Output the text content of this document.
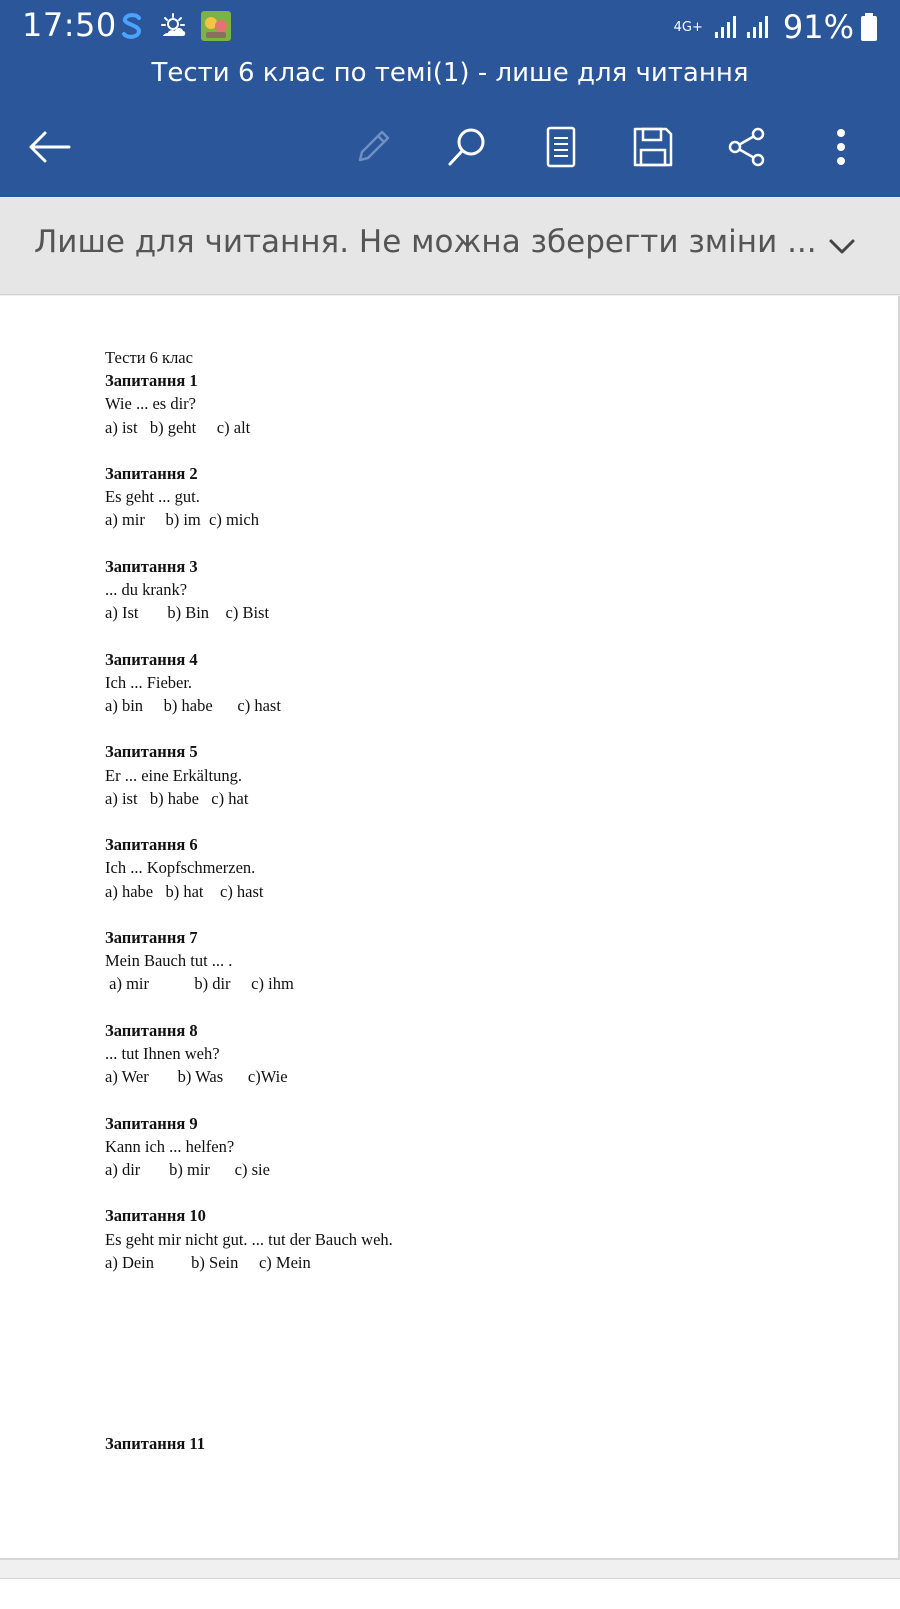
17:50	4G+	91%
Тести 6 клас по темі(1) - лише для читання
Лише для читання. Не можна зберегти зміни ...
Тести 6 клас
Запитання 1
Wie ... es dir?
a) ist   b) geht     c) alt
Запитання 2
Es geht ... gut.
a) mir     b) im  c) mich
Запитання 3
... du krank?
a) Ist       b) Bin    c) Bist
Запитання 4
Ich ... Fieber.
a) bin     b) habe      c) hast
Запитання 5
Er ... eine Erkältung.
a) ist   b) habe   c) hat
Запитання 6
Ich ... Kopfschmerzen.
a) habe   b) hat    c) hast
Запитання 7
Mein Bauch tut ... .
a) mir           b) dir     c) ihm
Запитання 8
... tut Ihnen weh?
a) Wer       b) Was      c)Wie
Запитання 9
Kann ich ... helfen?
a) dir       b) mir      c) sie
Запитання 10
Es geht mir nicht gut. ... tut der Bauch weh.
a) Dein         b) Sein     c) Mein
Запитання 11
